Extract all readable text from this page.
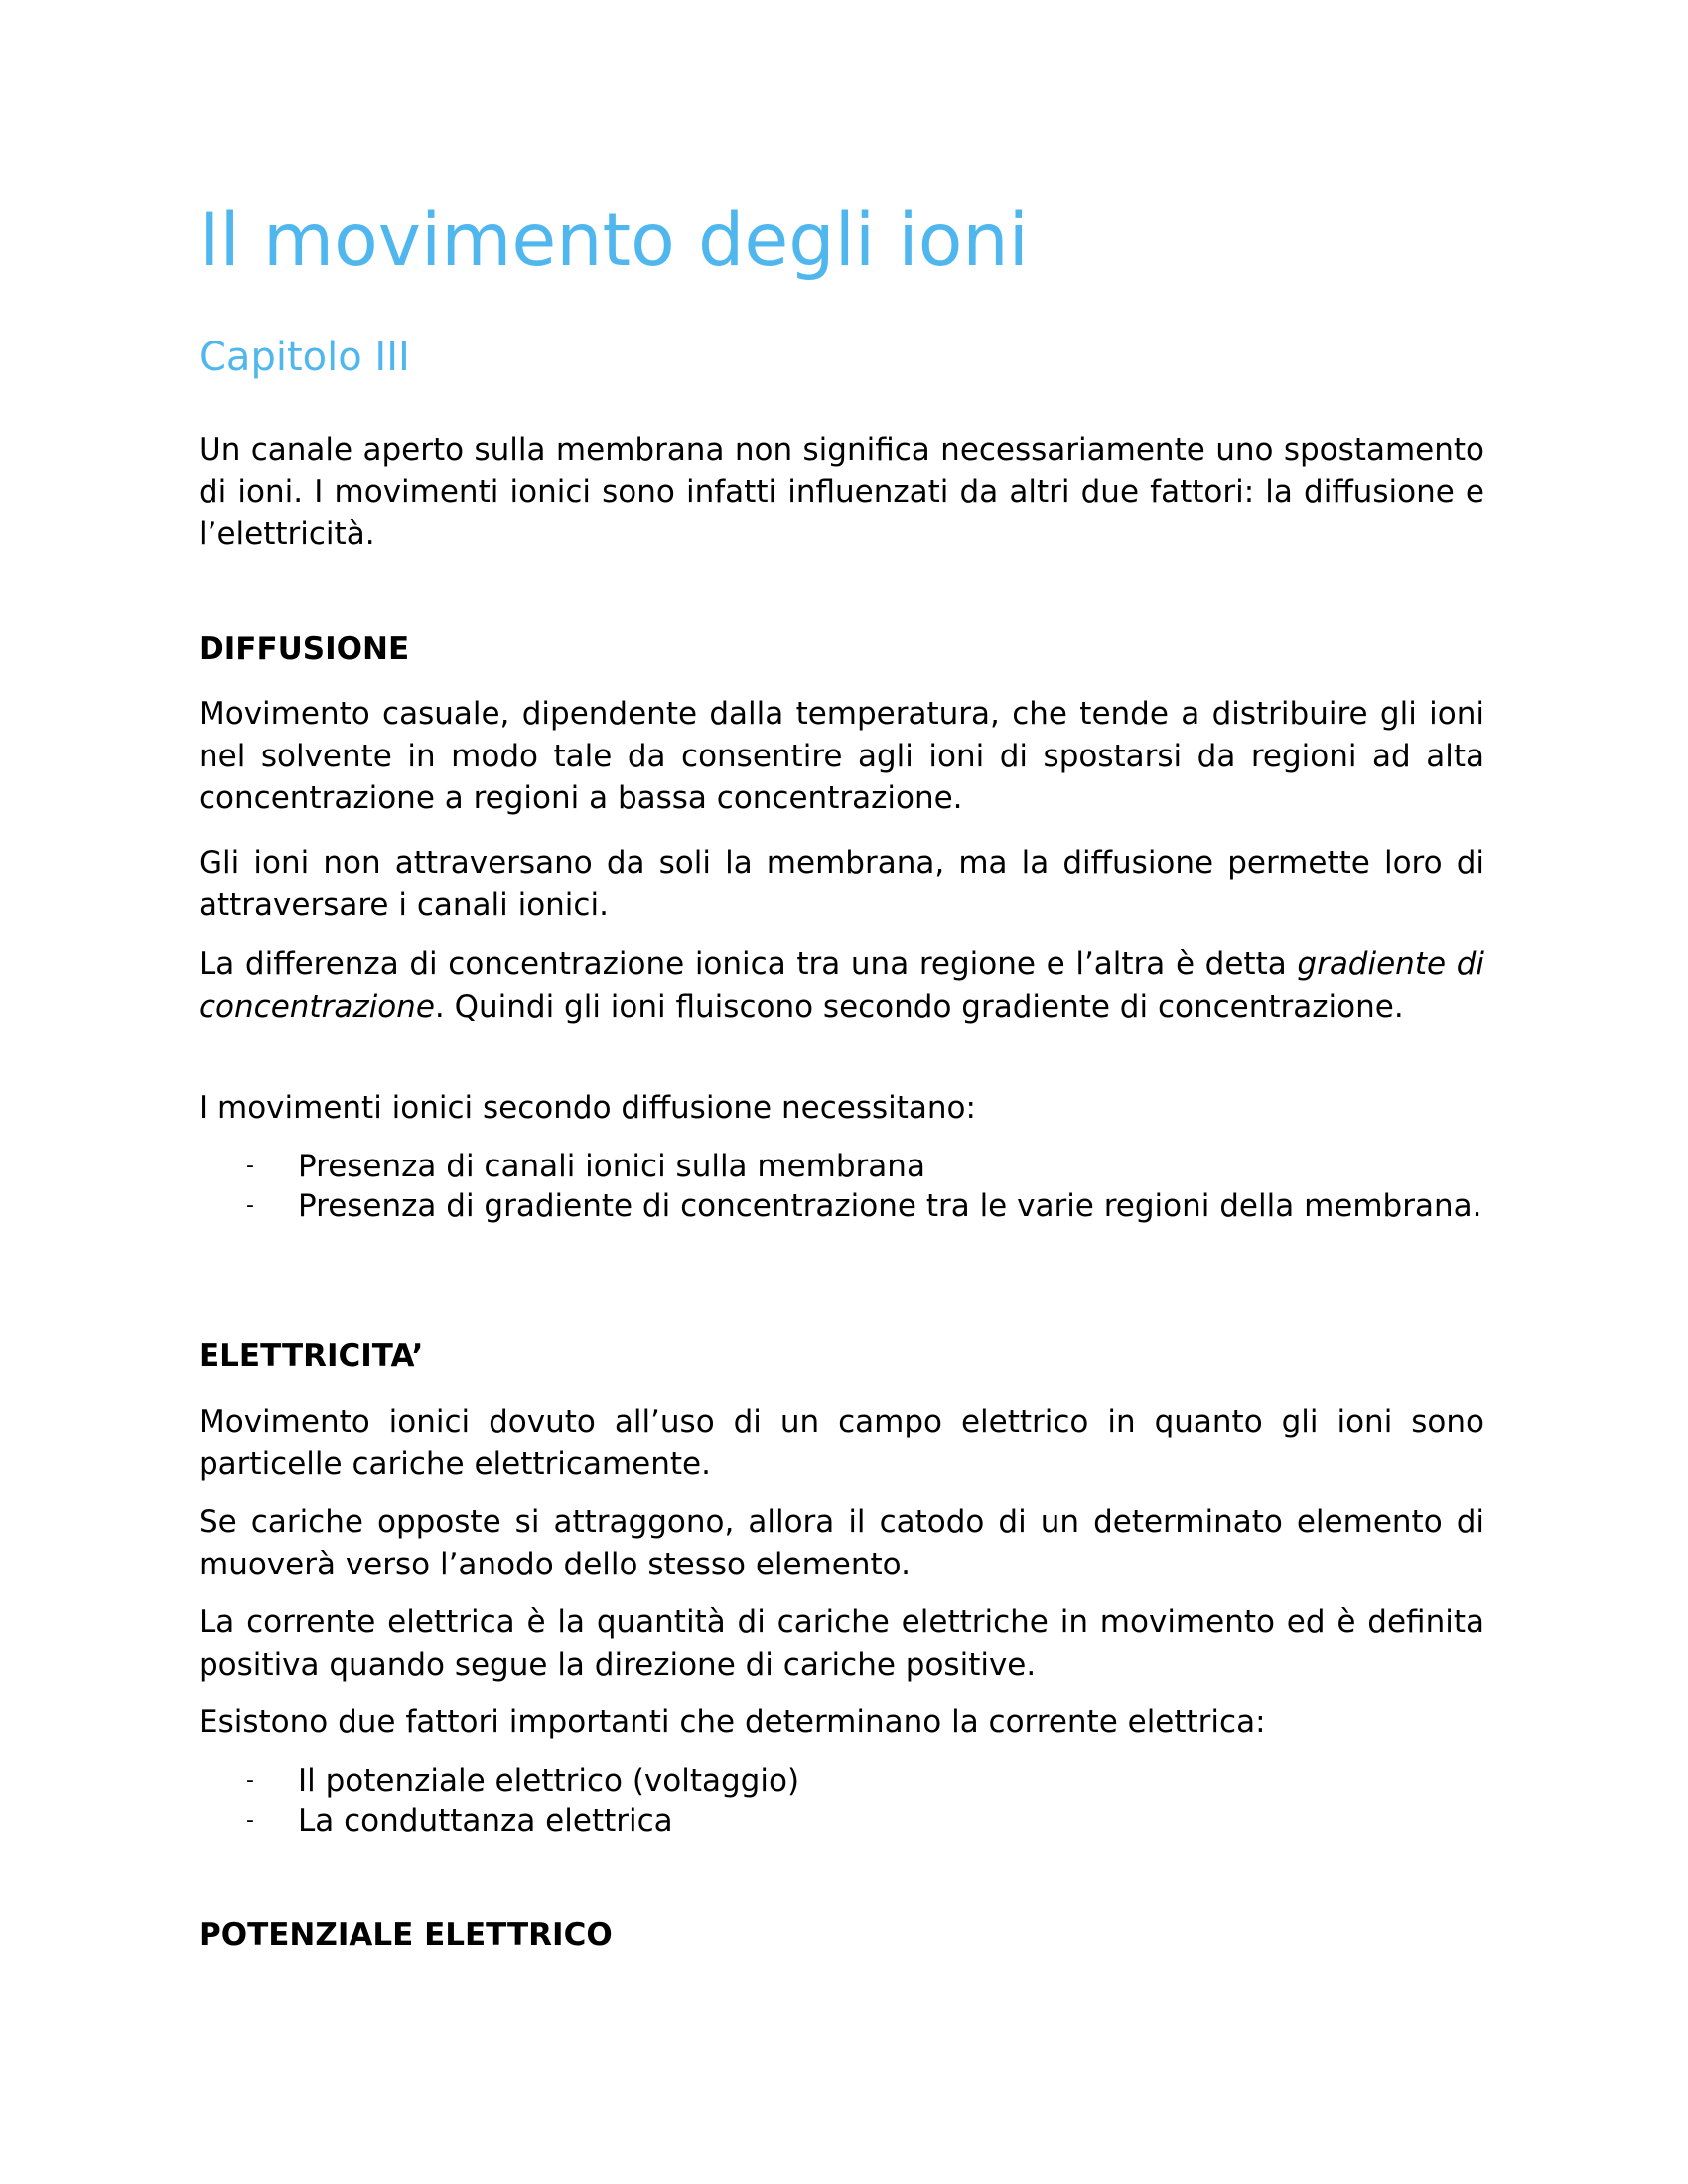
Il movimento degli ioni
Capitolo III

Un canale aperto sulla membrana non significa necessariamente uno spostamento di ioni. I movimenti ionici sono infatti influenzati da altri due fattori: la diffusione e l’elettricità.

DIFFUSIONE

Movimento casuale, dipendente dalla temperatura, che tende a distribuire gli ioni nel solvente in modo tale da consentire agli ioni di spostarsi da regioni ad alta concentrazione a regioni a bassa concentrazione.

Gli ioni non attraversano da soli la membrana, ma la diffusione permette loro di attraversare i canali ionici.

La differenza di concentrazione ionica tra una regione e l’altra è detta gradiente di concentrazione. Quindi gli ioni fluiscono secondo gradiente di concentrazione.

I movimenti ionici secondo diffusione necessitano:

- Presenza di canali ionici sulla membrana
- Presenza di gradiente di concentrazione tra le varie regioni della membrana.
ELETTRICITA’

Movimento ionici dovuto all’uso di un campo elettrico in quanto gli ioni sono particelle cariche elettricamente.

Se cariche opposte si attraggono, allora il catodo di un determinato elemento di muoverà verso l’anodo dello stesso elemento.

La corrente elettrica è la quantità di cariche elettriche in movimento ed è definita positiva quando segue la direzione di cariche positive.

Esistono due fattori importanti che determinano la corrente elettrica:

- Il potenziale elettrico (voltaggio)
- La conduttanza elettrica
POTENZIALE ELETTRICO
